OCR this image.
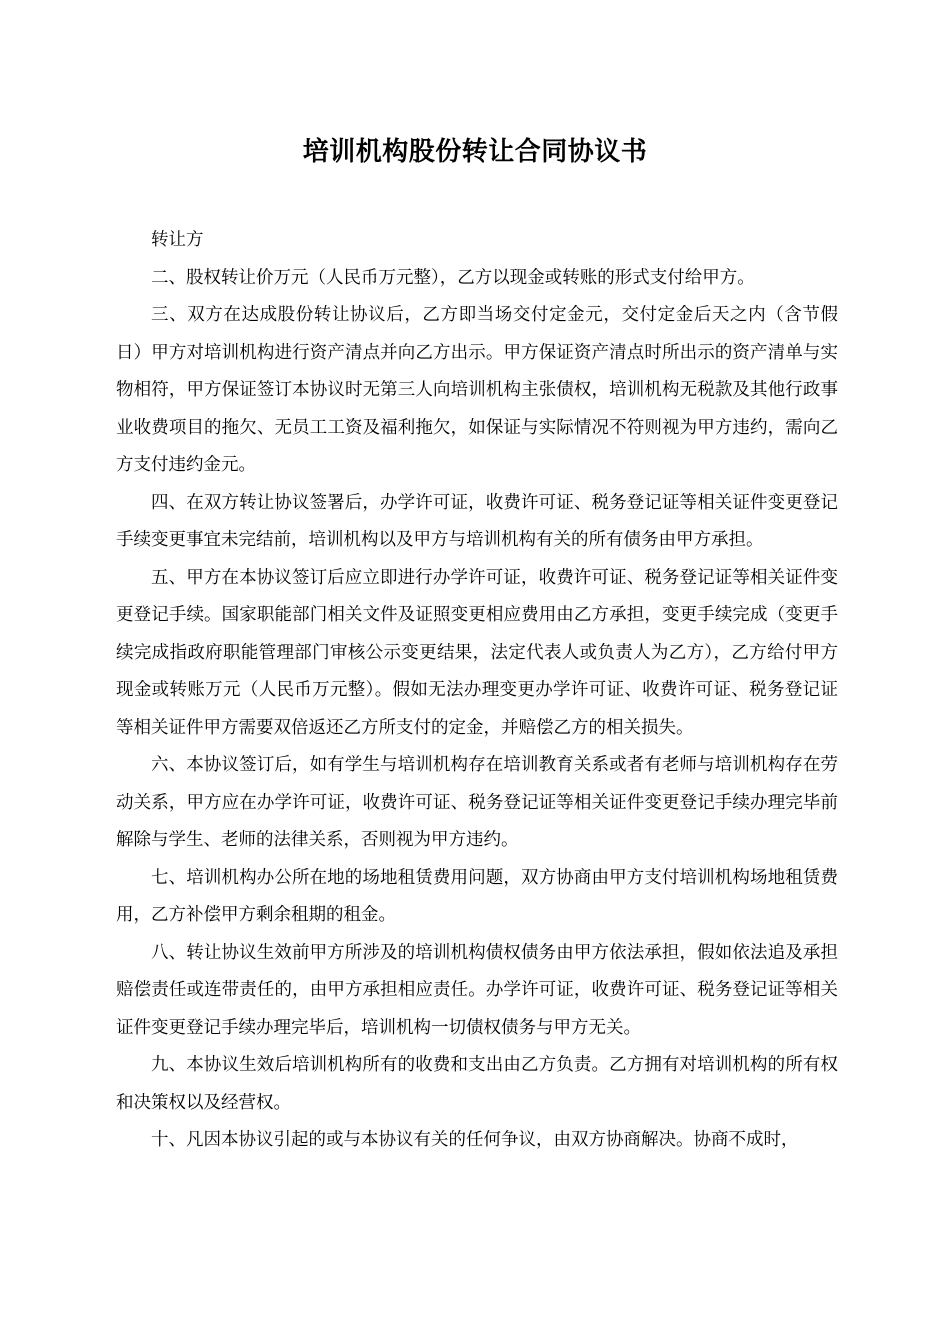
培训机构股份转让合同协议书

转让方

二、股权转让价万元（人民币万元整），乙方以现金或转账的形式支付给甲方。

三、双方在达成股份转让协议后，乙方即当场交付定金元，交付定金后天之内（含节假日）甲方对培训机构进行资产清点并向乙方出示。甲方保证资产清点时所出示的资产清单与实物相符，甲方保证签订本协议时无第三人向培训机构主张债权，培训机构无税款及其他行政事业收费项目的拖欠、无员工工资及福利拖欠，如保证与实际情况不符则视为甲方违约，需向乙方支付违约金元。

四、在双方转让协议签署后，办学许可证，收费许可证、税务登记证等相关证件变更登记手续变更事宜未完结前，培训机构以及甲方与培训机构有关的所有债务由甲方承担。

五、甲方在本协议签订后应立即进行办学许可证，收费许可证、税务登记证等相关证件变更登记手续。国家职能部门相关文件及证照变更相应费用由乙方承担，变更手续完成（变更手续完成指政府职能管理部门审核公示变更结果，法定代表人或负责人为乙方），乙方给付甲方现金或转账万元（人民币万元整）。假如无法办理变更办学许可证、收费许可证、税务登记证等相关证件甲方需要双倍返还乙方所支付的定金，并赔偿乙方的相关损失。

六、本协议签订后，如有学生与培训机构存在培训教育关系或者有老师与培训机构存在劳动关系，甲方应在办学许可证，收费许可证、税务登记证等相关证件变更登记手续办理完毕前解除与学生、老师的法律关系，否则视为甲方违约。

七、培训机构办公所在地的场地租赁费用问题，双方协商由甲方支付培训机构场地租赁费用，乙方补偿甲方剩余租期的租金。

八、转让协议生效前甲方所涉及的培训机构债权债务由甲方依法承担，假如依法追及承担赔偿责任或连带责任的，由甲方承担相应责任。办学许可证，收费许可证、税务登记证等相关证件变更登记手续办理完毕后，培训机构一切债权债务与甲方无关。

九、本协议生效后培训机构所有的收费和支出由乙方负责。乙方拥有对培训机构的所有权和决策权以及经营权。

十、凡因本协议引起的或与本协议有关的任何争议，由双方协商解决。协商不成时，
